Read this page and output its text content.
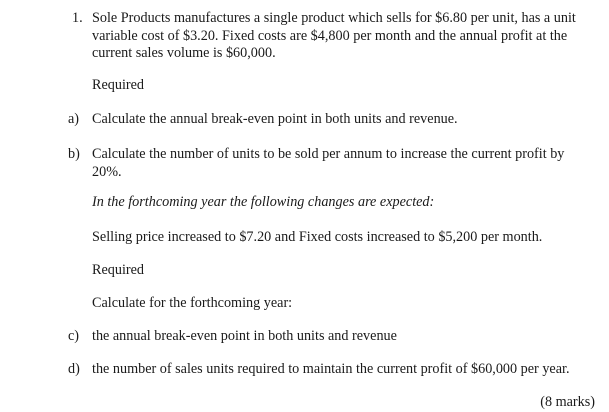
1. Sole Products manufactures a single product which sells for $6.80 per unit, has a unit variable cost of $3.20. Fixed costs are $4,800 per month and the annual profit at the current sales volume is $60,000.
Required
a) Calculate the annual break-even point in both units and revenue.
b) Calculate the number of units to be sold per annum to increase the current profit by 20%.
In the forthcoming year the following changes are expected:
Selling price increased to $7.20 and Fixed costs increased to $5,200 per month.
Required
Calculate for the forthcoming year:
c) the annual break-even point in both units and revenue
d) the number of sales units required to maintain the current profit of $60,000 per year.
(8 marks)
